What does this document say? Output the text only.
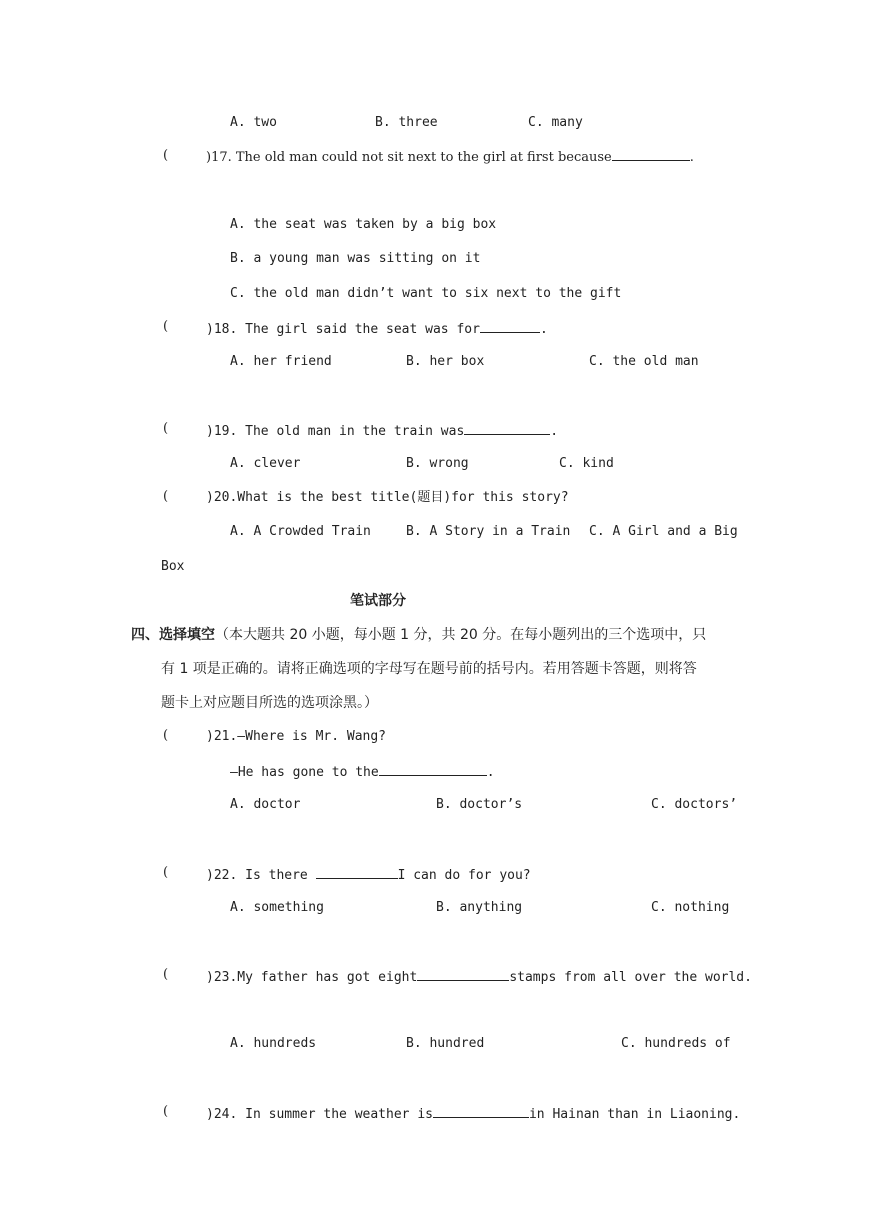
A. two	B. three	C. many
(	)17. The old man could not sit next to the girl at first because	.
A. the seat was taken by a big box
B. a young man was sitting on it
C. the old man didn’t want to six next to the gift
(	)18. The girl said the seat was for	.
A. her friend	B. her box	C. the old man
(	)19. The old man in the train was	.
A. clever	B. wrong	C. kind
(	)20.What is the best title(题目)for this story?
A. A Crowded Train	B. A Story in a Train C. A Girl and a Big
Box
笔试部分
四、选择填空（本大题共 20 小题，每小题 1 分，共 20 分。在每小题列出的三个选项中，只
有 1 项是正确的。请将正确选项的字母写在题号前的括号内。若用答题卡答题，则将答
题卡上对应题目所选的选项涂黑。）
(	)21.—Where is Mr. Wang?
—He has gone to the	.
A. doctor	B. doctor’s	C. doctors’
(	)22. Is there	I can do for you?
A. something	B. anything	C. nothing
(	)23.My father has got eight	stamps from all over the world.
A. hundreds	B. hundred	C. hundreds of
(	)24. In summer the weather is	in Hainan than in Liaoning.
